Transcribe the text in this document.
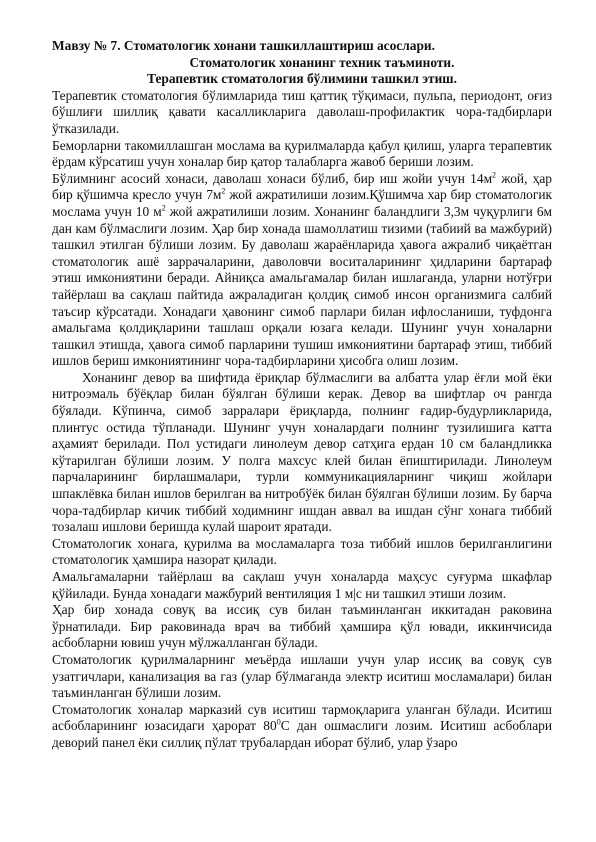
Мавзу № 7. Стоматологик хонани ташкиллаштириш асослари.

Стоматологик хонанинг техник таъминоти.

Терапевтик стоматология бўлимини ташкил этиш.

Терапевтик стоматология бўлимларида тиш қаттиқ тўқимаси, пульпа, периодонт, оғиз бўшлиғи шиллиқ қавати касалликларига даволаш-профилактик чора-тадбирлари ўтказилади.

Беморларни такомиллашган мослама ва қурилмаларда қабул қилиш, уларга терапевтик ёрдам кўрсатиш учун хоналар бир қатор талабларга жавоб бериши лозим.

Бўлимнинг асосий хонаси, даволаш хонаси бўлиб, бир иш жойи учун $14м^2$ жой, ҳар бир қўшимча кресло учун $7м^2$ жой ажратилиши лозим.Қўшимча хар бир стоматологик мослама учун 10 $м^2$ жой ажратилиши лозим. Хонанинг баландлиги 3,3м чуқурлиги 6м дан кам бўлмаслиги лозим. Ҳар бир хонада шамоллатиш тизими (табиий ва мажбурий) ташкил этилган бўлиши лозим. Бу даволаш жараёнларида ҳавога ажралиб чиқаётган стоматологик ашё заррачаларини, даволовчи воситаларининг ҳидларини бартараф этиш имкониятини беради. Айниқса амальгамалар билан ишлаганда, уларни нотўғри тайёрлаш ва сақлаш пайтида ажраладиган қолдиқ симоб инсон организмига салбий таъсир кўрсатади. Хонадаги ҳавонинг симоб парлари билан ифлосланиши, туфдонга амальгама қолдиқларини ташлаш орқали юзага келади. Шунинг учун хоналарни ташкил этишда, ҳавога симоб парларини тушиш имкониятини бартараф этиш, тиббий ишлов бериш имкониятининг чора-тадбирларини ҳисобга олиш лозим.

Хонанинг девор ва шифтида ёриқлар бўлмаслиги ва албатта улар ёғли мой ёки нитроэмаль бўёқлар билан бўялган бўлиши керак. Девор ва шифтлар оч рангда бўялади. Кўпинча, симоб зарралари ёриқларда, полнинг ғадир-будурликларида, плинтус остида тўпланади. Шунинг учун хоналардаги полнинг тузилишига катта аҳамият берилади. Пол устидаги линолеум девор сатҳига ердан 10 см баландликка кўтарилган бўлиши лозим. У полга махсус клей билан ёпиштирилади. Линолеум парчаларининг бирлашмалари, турли коммуникацияларнинг чиқиш жойлари шпаклёвка билан ишлов берилган ва нитробўёк билан бўялган бўлиши лозим. Бу барча чора-тадбирлар кичик тиббий ходимнинг ишдан аввал ва ишдан сўнг хонага тиббий тозалаш ишлови беришда кулай шароит яратади.

Стоматологик хонага, қурилма ва мосламаларга тоза тиббий ишлов берилганлигини стоматологик ҳамшира назорат қилади.

Амальгамаларни тайёрлаш ва сақлаш учун хоналарда маҳсус суғурма шкафлар қўйилади. Бунда хонадаги мажбурий вентиляция 1 м|с ни ташкил этиши лозим.

Ҳар бир хонада совуқ ва иссиқ сув билан таъминланган иккитадан раковина ўрнатилади. Бир раковинада врач ва тиббий ҳамшира қўл ювади, иккинчисида асбобларни ювиш учун мўлжалланган бўлади.

Стоматологик қурилмаларнинг меъёрда ишлаши учун улар иссиқ ва совуқ сув узатгичлари, канализация ва газ (улар бўлмаганда электр иситиш мосламалари) билан таъминланган бўлиши лозим.

Стоматологик хоналар марказий сув иситиш тармоқларига уланган бўлади. Иситиш асбобларининг юзасидаги ҳарорат $80^0С$ дан ошмаслиги лозим. Иситиш асбоблари деворий панел ёки силлиқ пўлат трубалардан иборат бўлиб, улар ўзаро
